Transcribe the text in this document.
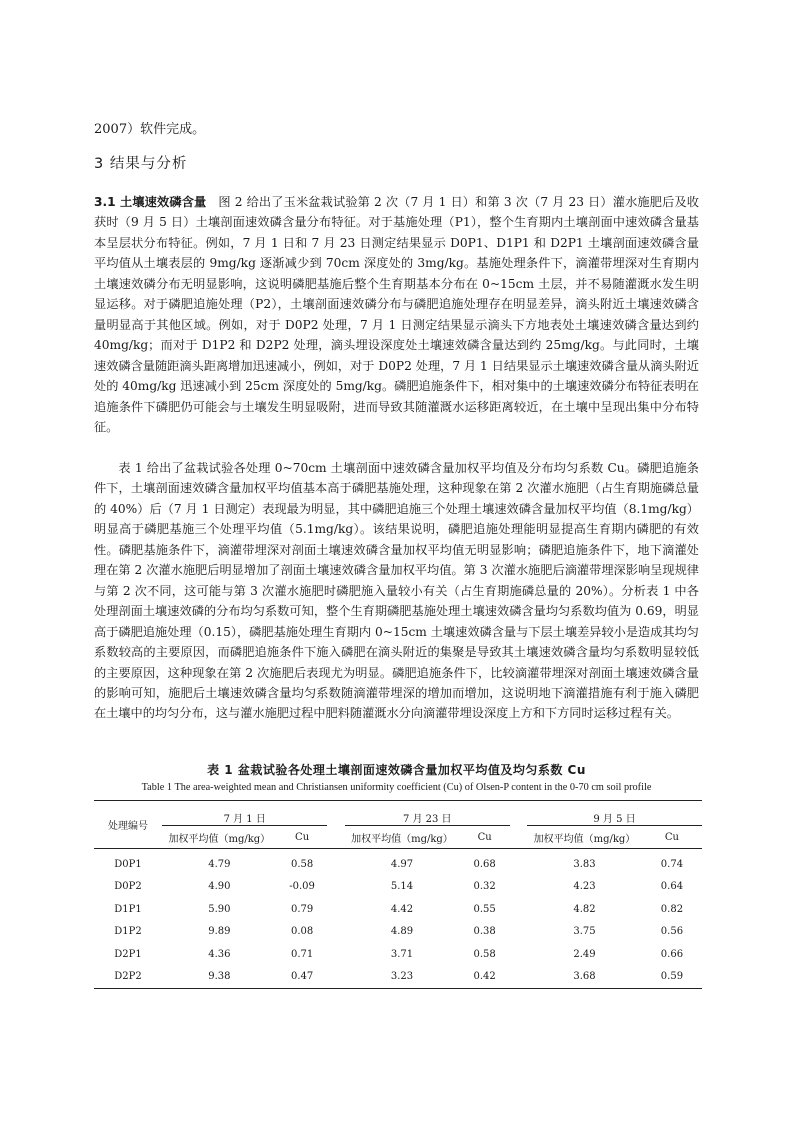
2007）软件完成。
3 结果与分析

3.1 土壤速效磷含量 图 2 给出了玉米盆栽试验第 2 次（7 月 1 日）和第 3 次（7 月 23 日）灌水施肥后及收获时（9 月 5 日）土壤剖面速效磷含量分布特征。对于基施处理（P1），整个生育期内土壤剖面中速效磷含量基本呈层状分布特征。例如，7 月 1 日和 7 月 23 日测定结果显示 D0P1、D1P1 和 D2P1 土壤剖面速效磷含量平均值从土壤表层的 9mg/kg 逐渐减少到 70cm 深度处的 3mg/kg。基施处理条件下，滴灌带埋深对生育期内土壤速效磷分布无明显影响，这说明磷肥基施后整个生育期基本分布在 0~15cm 土层，并不易随灌溉水发生明显运移。对于磷肥追施处理（P2），土壤剖面速效磷分布与磷肥追施处理存在明显差异，滴头附近土壤速效磷含量明显高于其他区域。例如，对于 D0P2 处理，7 月 1 日测定结果显示滴头下方地表处土壤速效磷含量达到约 40mg/kg；而对于 D1P2 和 D2P2 处理，滴头埋设深度处土壤速效磷含量达到约 25mg/kg。与此同时，土壤速效磷含量随距滴头距离增加迅速减小，例如，对于 D0P2 处理，7 月 1 日结果显示土壤速效磷含量从滴头附近处的 40mg/kg 迅速减小到 25cm 深度处的 5mg/kg。磷肥追施条件下，相对集中的土壤速效磷分布特征表明在追施条件下磷肥仍可能会与土壤发生明显吸附，进而导致其随灌溉水运移距离较近，在土壤中呈现出集中分布特征。

表 1 给出了盆栽试验各处理 0~70cm 土壤剖面中速效磷含量加权平均值及分布均匀系数 Cu。磷肥追施条件下，土壤剖面速效磷含量加权平均值基本高于磷肥基施处理，这种现象在第 2 次灌水施肥（占生育期施磷总量的 40%）后（7 月 1 日测定）表现最为明显，其中磷肥追施三个处理土壤速效磷含量加权平均值（8.1mg/kg）明显高于磷肥基施三个处理平均值（5.1mg/kg）。该结果说明，磷肥追施处理能明显提高生育期内磷肥的有效性。磷肥基施条件下，滴灌带埋深对剖面土壤速效磷含量加权平均值无明显影响；磷肥追施条件下，地下滴灌处理在第 2 次灌水施肥后明显增加了剖面土壤速效磷含量加权平均值。第 3 次灌水施肥后滴灌带埋深影响呈现规律与第 2 次不同，这可能与第 3 次灌水施肥时磷肥施入量较小有关（占生育期施磷总量的 20%）。分析表 1 中各处理剖面土壤速效磷的分布均匀系数可知，整个生育期磷肥基施处理土壤速效磷含量均匀系数均值为 0.69，明显高于磷肥追施处理（0.15），磷肥基施处理生育期内 0~15cm 土壤速效磷含量与下层土壤差异较小是造成其均匀系数较高的主要原因，而磷肥追施条件下施入磷肥在滴头附近的集聚是导致其土壤速效磷含量均匀系数明显较低的主要原因，这种现象在第 2 次施肥后表现尤为明显。磷肥追施条件下，比较滴灌带埋深对剖面土壤速效磷含量的影响可知，施肥后土壤速效磷含量均匀系数随滴灌带埋深的增加而增加，这说明地下滴灌措施有利于施入磷肥在土壤中的均匀分布，这与灌水施肥过程中肥料随灌溉水分向滴灌带埋设深度上方和下方同时运移过程有关。

表 1 盆栽试验各处理土壤剖面速效磷含量加权平均值及均匀系数 Cu
Table 1 The area-weighted mean and Christiansen uniformity coefficient (Cu) of Olsen-P content in the 0-70 cm soil profile
处理编号	7 月 1 日			7 月 23 日			9 月 5 日	
	加权平均值（mg/kg）	Cu		加权平均值（mg/kg）	Cu		加权平均值（mg/kg）	Cu
D0P1	4.79	0.58		4.97	0.68		3.83	0.74
D0P2	4.90	-0.09		5.14	0.32		4.23	0.64
D1P1	5.90	0.79		4.42	0.55		4.82	0.82
D1P2	9.89	0.08		4.89	0.38		3.75	0.56
D2P1	4.36	0.71		3.71	0.58		2.49	0.66
D2P2	9.38	0.47		3.23	0.42		3.68	0.59
